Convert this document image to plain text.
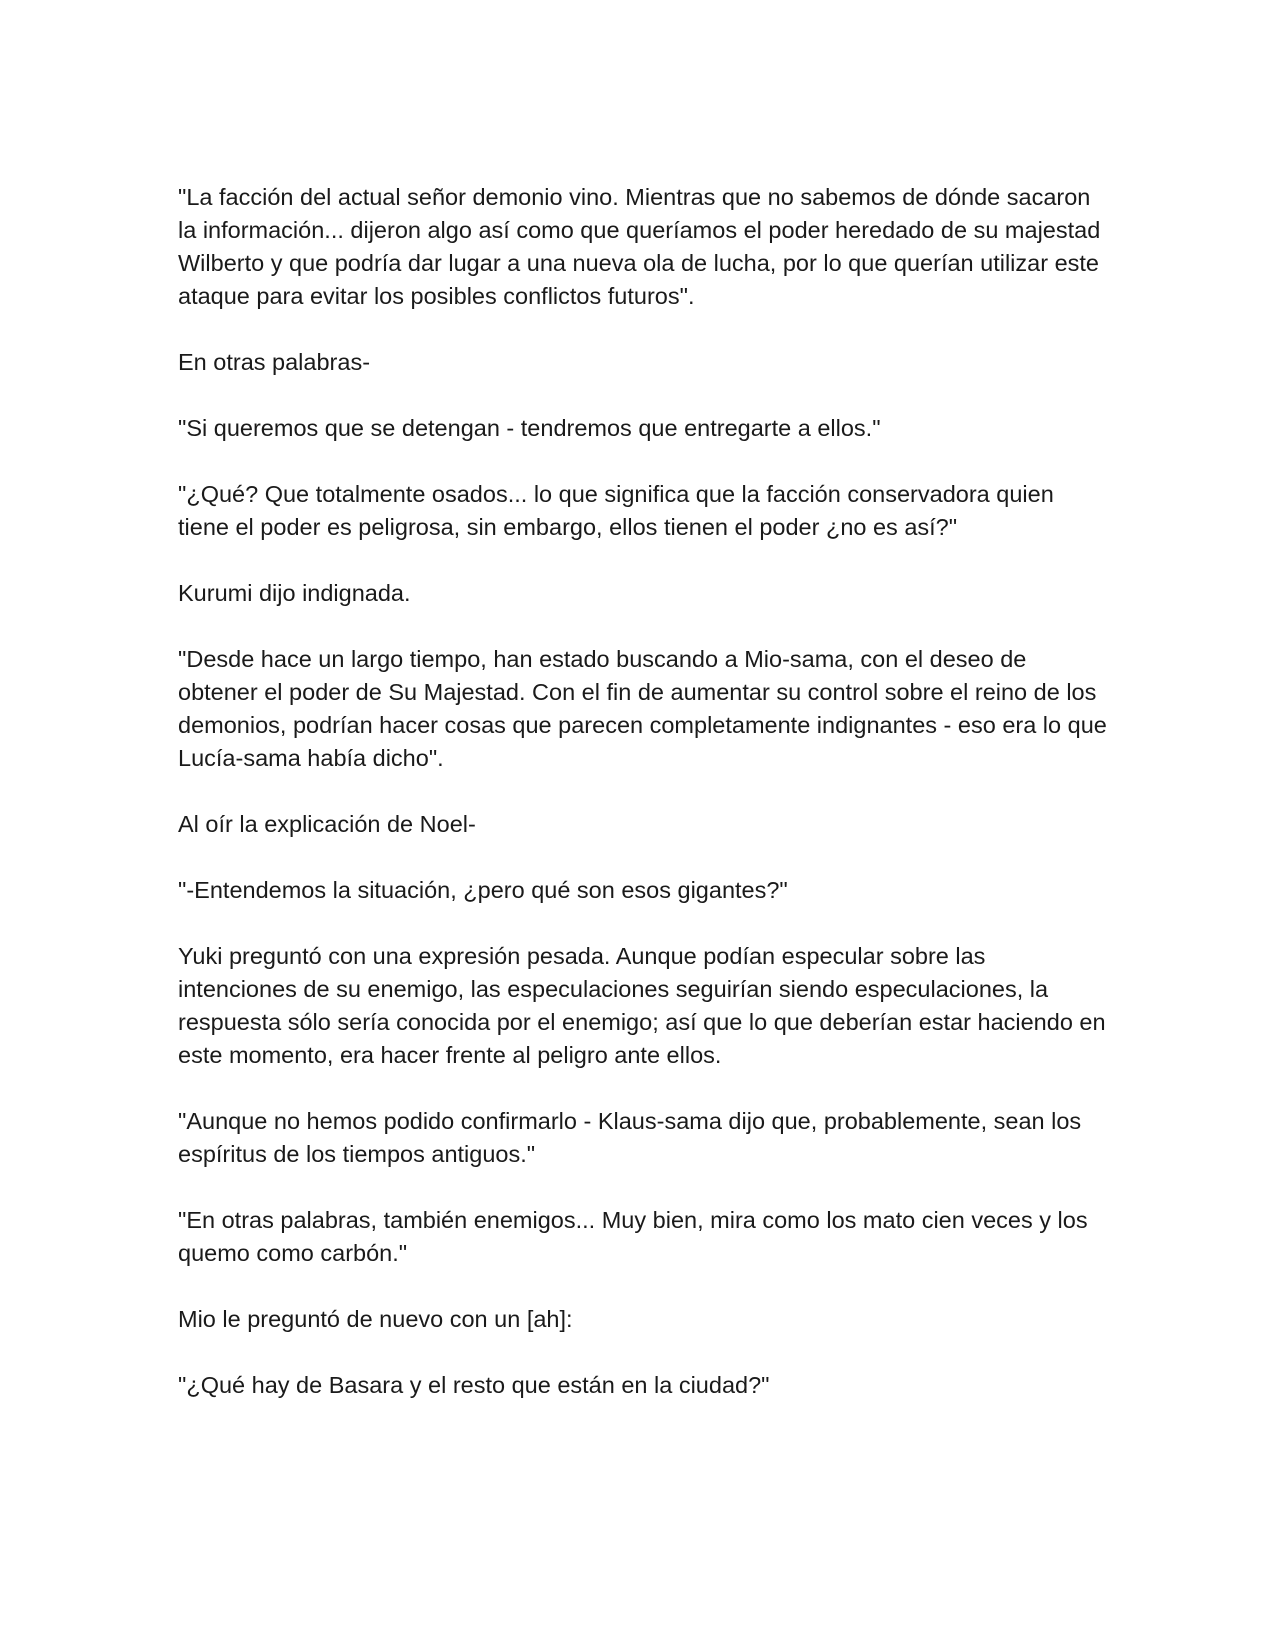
"La facción del actual señor demonio vino. Mientras que no sabemos de dónde sacaron la información... dijeron algo así como que queríamos el poder heredado de su majestad Wilberto y que podría dar lugar a una nueva ola de lucha, por lo que querían utilizar este ataque para evitar los posibles conflictos futuros".

En otras palabras-

"Si queremos que se detengan - tendremos que entregarte a ellos."

"¿Qué? Que totalmente osados... lo que significa que la facción conservadora quien tiene el poder es peligrosa, sin embargo, ellos tienen el poder ¿no es así?"

Kurumi dijo indignada.

"Desde hace un largo tiempo, han estado buscando a Mio-sama, con el deseo de obtener el poder de Su Majestad. Con el fin de aumentar su control sobre el reino de los demonios, podrían hacer cosas que parecen completamente indignantes - eso era lo que Lucía-sama había dicho".

Al oír la explicación de Noel-

"-Entendemos la situación, ¿pero qué son esos gigantes?"

Yuki preguntó con una expresión pesada. Aunque podían especular sobre las intenciones de su enemigo, las especulaciones seguirían siendo especulaciones, la respuesta sólo sería conocida por el enemigo; así que lo que deberían estar haciendo en este momento, era hacer frente al peligro ante ellos.

"Aunque no hemos podido confirmarlo - Klaus-sama dijo que, probablemente, sean los espíritus de los tiempos antiguos."

"En otras palabras, también enemigos... Muy bien, mira como los mato cien veces y los quemo como carbón."

Mio le preguntó de nuevo con un [ah]:

"¿Qué hay de Basara y el resto que están en la ciudad?"
